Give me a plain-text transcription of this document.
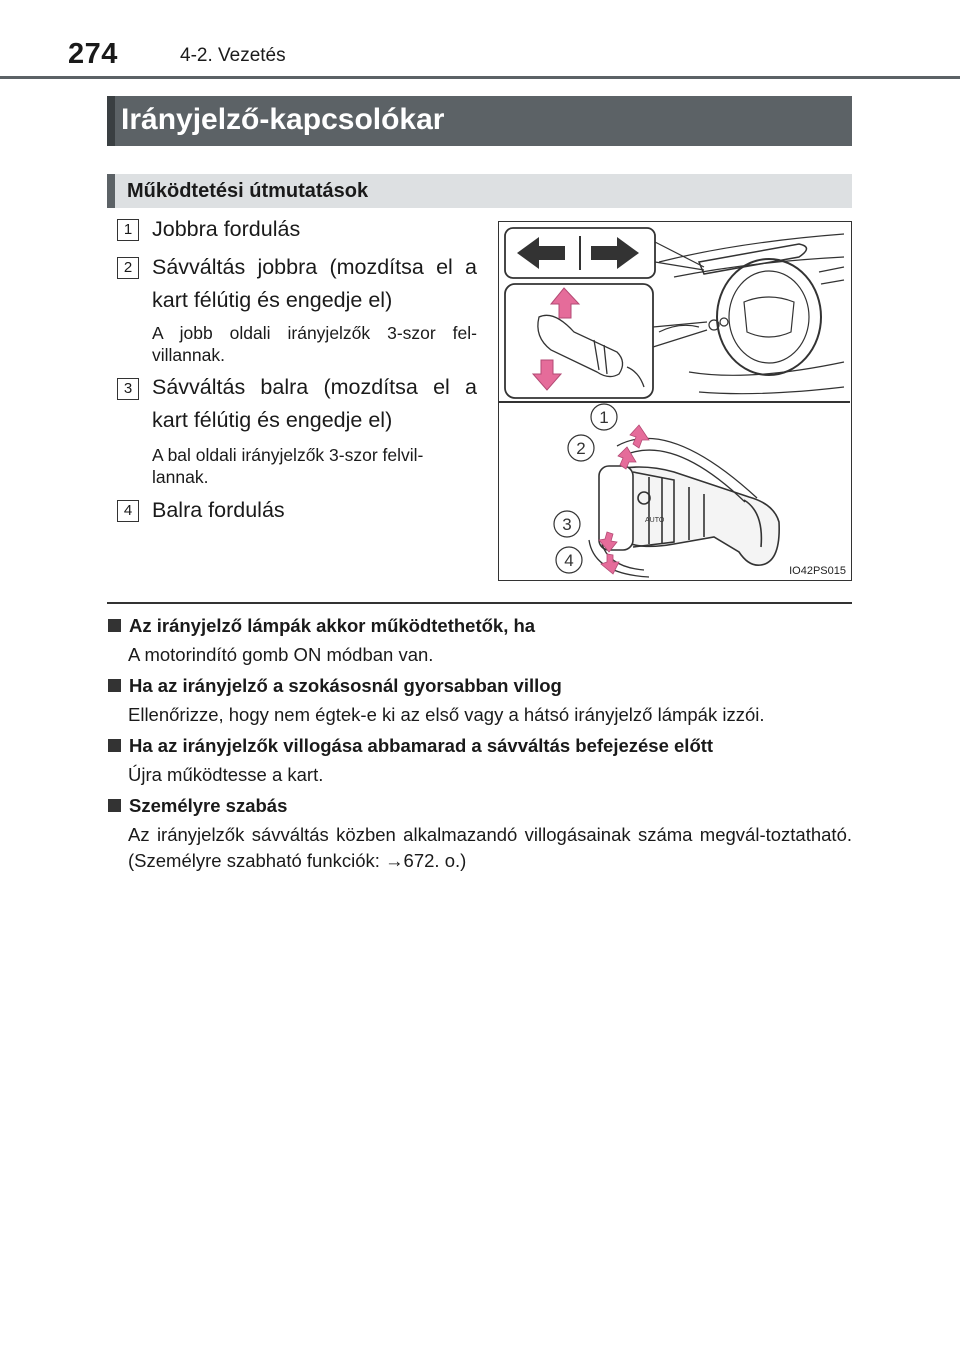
274	4-2. Vezetés
Irányjelző-kapcsolókar
Működtetési útmutatások
1 Jobbra fordulás
2 Sávváltás jobbra (mozdítsa el a kart félútig és engedje el)
A jobb oldali irányjelzők 3-szor fel-villannak.
3 Sávváltás balra (mozdítsa el a kart félútig és engedje el)
A bal oldali irányjelzők 3-szor felvil-lannak.
4 Balra fordulás	AUTO
1
2
3
4
IO42PS015
Az irányjelző lámpák akkor működtethetők, ha
A motorindító gomb ON módban van.
Ha az irányjelző a szokásosnál gyorsabban villog
Ellenőrizze, hogy nem égtek-e ki az első vagy a hátsó irányjelző lámpák izzói.
Ha az irányjelzők villogása abbamarad a sávváltás befejezése előtt
Újra működtesse a kart.
Személyre szabás
Az irányjelzők sávváltás közben alkalmazandó villogásainak száma megvál-toztatható. (Személyre szabható funkciók: →672. o.)
